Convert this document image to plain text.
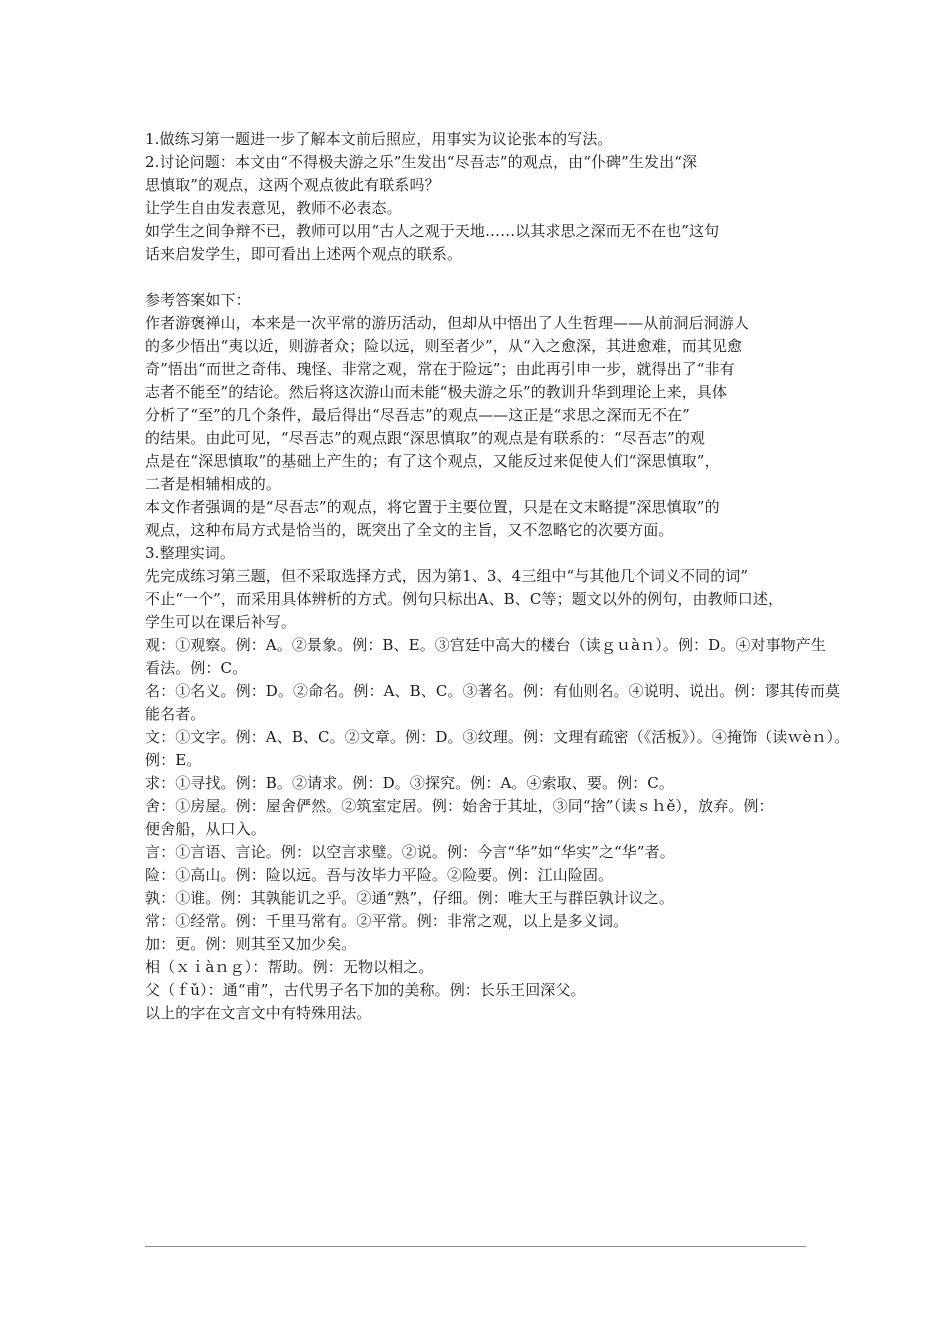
1.做练习第一题进一步了解本文前后照应，用事实为议论张本的写法。
2.讨论问题：本文由“不得极夫游之乐”生发出“尽吾志”的观点，由“仆碑”生发出“深
思慎取”的观点，这两个观点彼此有联系吗？
让学生自由发表意见，教师不必表态。
如学生之间争辩不已，教师可以用“古人之观于天地……以其求思之深而无不在也”这句
话来启发学生，即可看出上述两个观点的联系。
参考答案如下：
作者游褒禅山，本来是一次平常的游历活动，但却从中悟出了人生哲理——从前洞后洞游人
的多少悟出“夷以近，则游者众；险以远，则至者少”，从“入之愈深，其进愈难，而其见愈
奇”悟出“而世之奇伟、瑰怪、非常之观，常在于险远”；由此再引申一步，就得出了“非有
志者不能至”的结论。然后将这次游山而未能“极夫游之乐”的教训升华到理论上来，具体
分析了“至”的几个条件，最后得出“尽吾志”的观点——这正是“求思之深而无不在”
的结果。由此可见，“尽吾志”的观点跟“深思慎取”的观点是有联系的：“尽吾志”的观
点是在“深思慎取”的基础上产生的；有了这个观点，又能反过来促使人们“深思慎取”，
二者是相辅相成的。
本文作者强调的是“尽吾志”的观点，将它置于主要位置，只是在文末略提“深思慎取”的
观点，这种布局方式是恰当的，既突出了全文的主旨，又不忽略它的次要方面。
3.整理实词。
先完成练习第三题，但不采取选择方式，因为第1、3、4三组中“与其他几个词义不同的词”
不止“一个”，而采用具体辨析的方式。例句只标出A、B、C等；题文以外的例句，由教师口述，
学生可以在课后补写。
观：①观察。例：A。②景象。例：B、E。③宫廷中高大的楼台（读ｇｕàｎ）。例：D。④对事物产生
看法。例：C。
名：①名义。例：D。②命名。例：A、B、C。③著名。例：有仙则名。④说明、说出。例：谬其传而莫
能名者。
文：①文字。例：A、B、C。②文章。例：D。③纹理。例：文理有疏密（《活板》）。④掩饰（读ｗèｎ）。
例：E。
求：①寻找。例：B。②请求。例：D。③探究。例：A。④索取、要。例：C。
舍：①房屋。例：屋舍俨然。②筑室定居。例：始舍于其址，③同“捨”（读ｓｈě），放弃。例：
便舍船，从口入。
言：①言语、言论。例：以空言求璧。②说。例：今言“华”如“华实”之“华”者。
险：①高山。例：险以远。吾与汝毕力平险。②险要。例：江山险固。
孰：①谁。例：其孰能讥之乎。②通“熟”，仔细。例：唯大王与群臣孰计议之。
常：①经常。例：千里马常有。②平常。例：非常之观，以上是多义词。
加：更。例：则其至又加少矣。
相（ｘｉàｎｇ）：帮助。例：无物以相之。
父（ｆǔ）：通“甫”，古代男子名下加的美称。例：长乐王回深父。
以上的字在文言文中有特殊用法。
